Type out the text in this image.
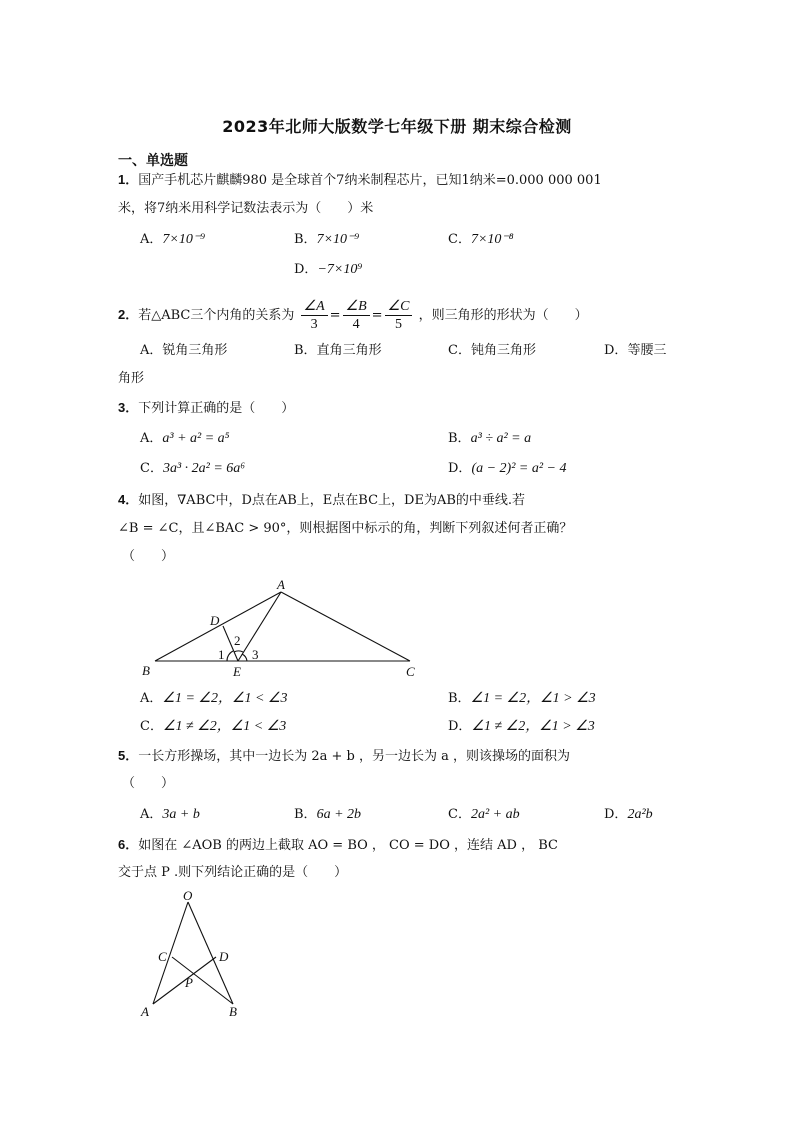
2023年北师大版数学七年级下册 期末综合检测
一、单选题
1．国产手机芯片麒麟980 是全球首个7纳米制程芯片，已知1纳米=0.000 000 001
米，将7纳米用科学记数法表示为（　　）米
A．7×10⁻⁹	B．7×10⁻⁹	C．7×10⁻⁸
D．−7×10⁹
2．若△ABC三个内角的关系为 $\frac{\angle A}{3} = \frac{\angle B}{4} = \frac{\angle C}{5}$ ，则三角形的形状为（　　）
A．锐角三角形	B．直角三角形	C．钝角三角形	D．等腰三
角形
3．下列计算正确的是（　　）
A．a³ + a² = a⁵	B．a³ ÷ a² = a
C．3a³ · 2a² = 6a⁶	D．(a − 2)² = a² − 4
4．如图，∇ABC中，D点在AB上，E点在BC上，DE为AB的中垂线.若
∠B = ∠C，且∠BAC > 90°，则根据图中标示的角，判断下列叙述何者正确？
（　　）
A
B	C
D
E
1
2
3
A．∠1 = ∠2，∠1 < ∠3	B．∠1 = ∠2，∠1 > ∠3
C．∠1 ≠ ∠2，∠1 < ∠3	D．∠1 ≠ ∠2，∠1 > ∠3
5．一长方形操场，其中一边长为 2a + b ，另一边长为 a ，则该操场的面积为
（　　）
A．3a + b	B．6a + 2b	C．2a² + ab	D．2a²b
6．如图在 ∠AOB 的两边上截取 AO = BO ， CO = DO ，连结 AD ， BC
交于点 P .则下列结论正确的是（　　）
O
A	B
C	D
P
